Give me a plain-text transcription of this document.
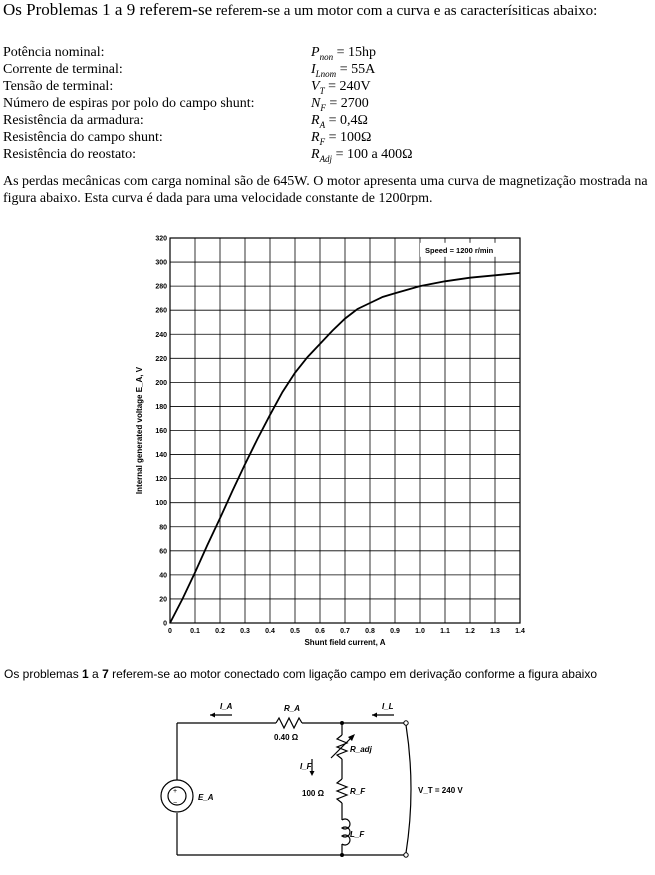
Os Problemas 1 a 9 referem-se referem-se a um motor com a curva e as caracterísiticas abaixo:
Potência nominal:	$P_{non} = 15hp$
Corrente de terminal:	$I_{Lnom} = 55A$
Tensão de terminal:	$V_T = 240V$
Número de espiras por polo do campo shunt:	$N_F = 2700$
Resistência da armadura:	$R_A = 0,4\Omega$
Resistência do campo shunt:	$R_F = 100\Omega$
Resistência do reostato:	$R_{Adj} = 100$ a 400Ω
As perdas mecânicas com carga nominal são de 645W. O motor apresenta uma curva de magnetização mostrada na figura abaixo. Esta curva é dada para uma velocidade constante de 1200rpm.
0	0.1 0.2 0.3 0.4 0.5 0.6 0.7 0.8 0.9 1.0 1.1 1.2 1.3 1.4
0
20
40
60
80
100
120
140
160
180
200
220
240
260
280
300
320
Speed = 1200 r/min
Shunt field current, A
Internal generated voltage E_A, V
Os problemas 1 a 7 referem-se ao motor conectado com ligação campo em derivação conforme a figura abaixo
+
−
I_A	I_L
R_A
0.40 Ω
R_adj
I_F
R_F
100 Ω
L_F
E_A
V_T = 240 V
